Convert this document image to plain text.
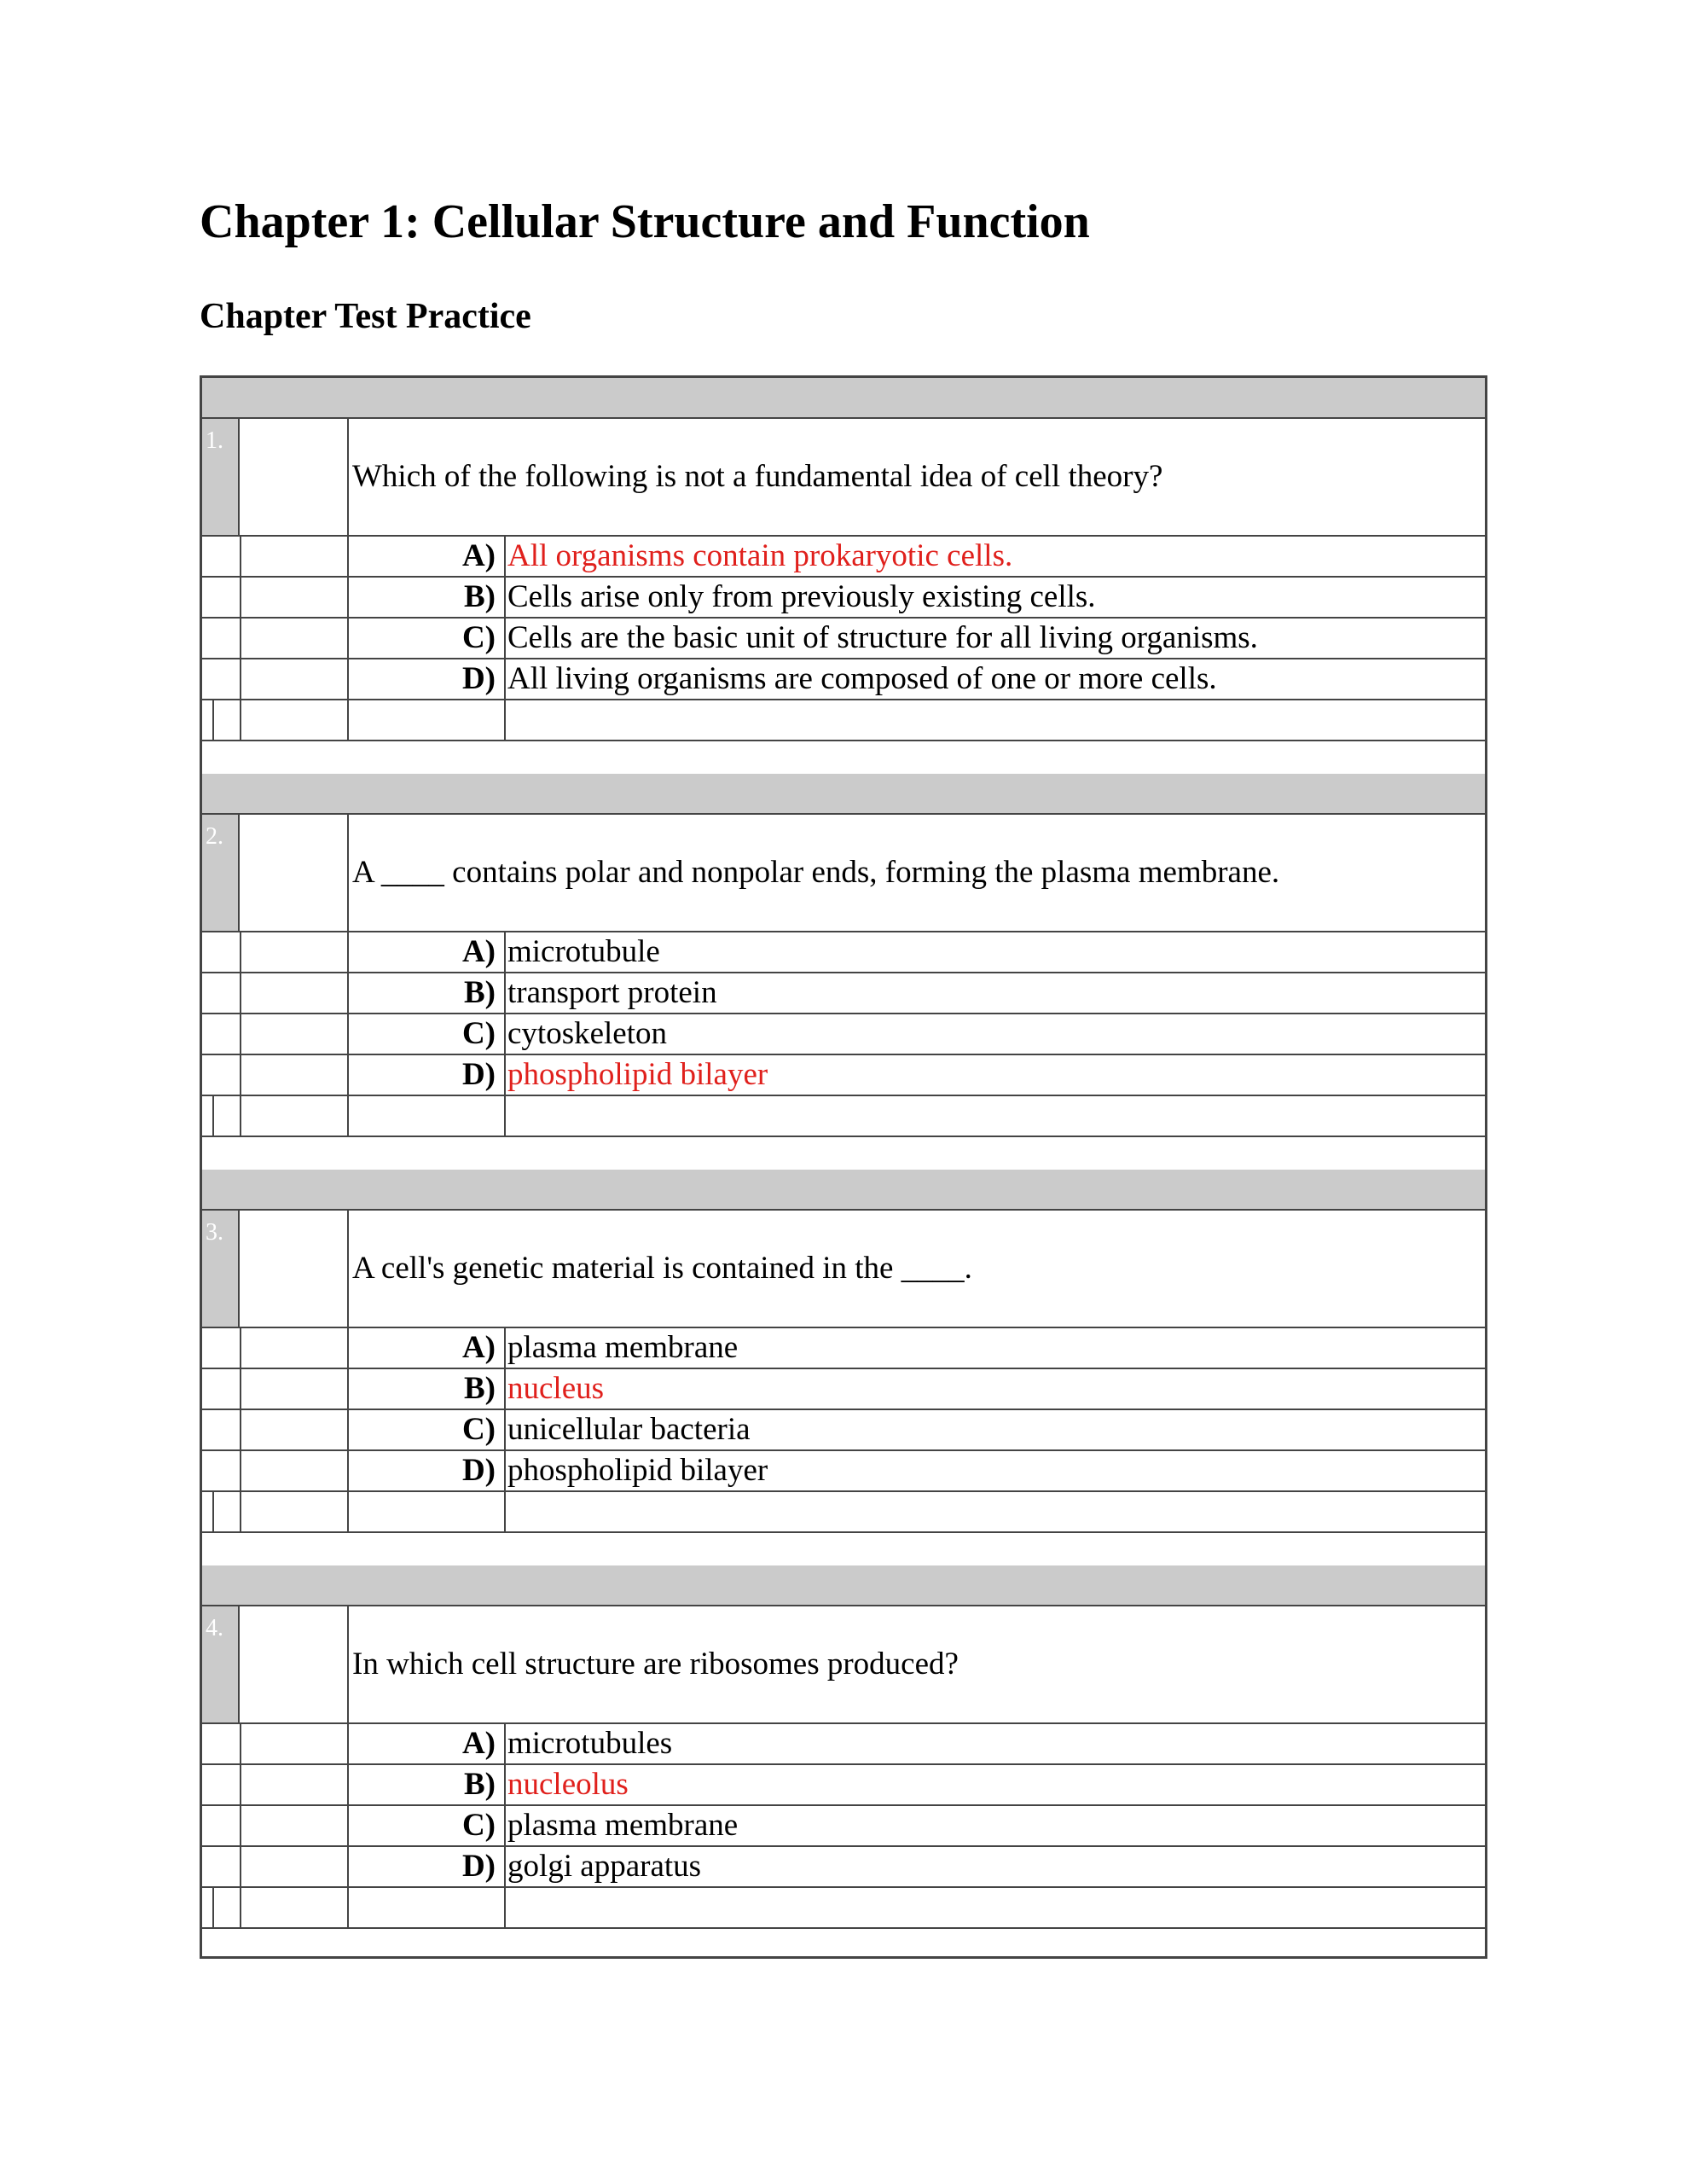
Chapter 1: Cellular Structure and Function
Chapter Test Practice
1.
Which of the following is not a fundamental idea of cell theory?
A) All organisms contain prokaryotic cells.
B) Cells arise only from previously existing cells.
C) Cells are the basic unit of structure for all living organisms.
D) All living organisms are composed of one or more cells.
2.
A ____ contains polar and nonpolar ends, forming the plasma membrane.
A) microtubule
B) transport protein
C) cytoskeleton
D) phospholipid bilayer
3.
A cell's genetic material is contained in the ____.
A) plasma membrane
B) nucleus
C) unicellular bacteria
D) phospholipid bilayer
4.
In which cell structure are ribosomes produced?
A) microtubules
B) nucleolus
C) plasma membrane
D) golgi apparatus
